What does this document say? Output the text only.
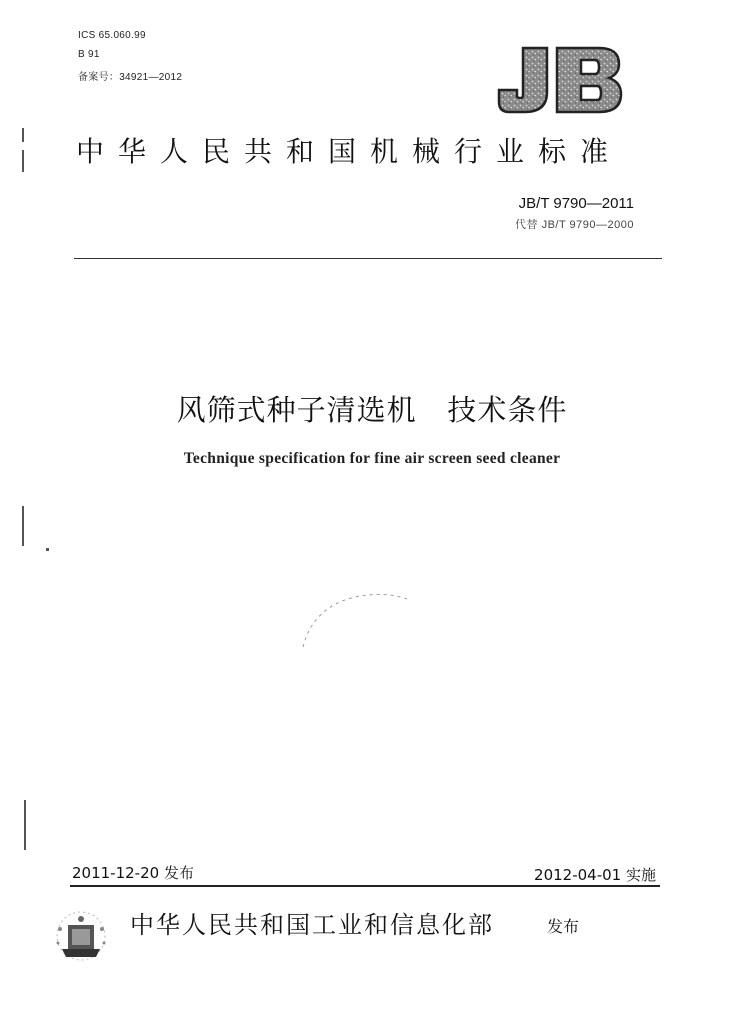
ICS 65.060.99
B 91
备案号：34921—2012
中华人民共和国机械行业标准
JB/T 9790—2011
代替 JB/T 9790—2000
风筛式种子清选机   技术条件
Technique specification for fine air screen seed cleaner
2011-12-20 发布	2012-04-01 实施
中华人民共和国工业和信息化部	发布
